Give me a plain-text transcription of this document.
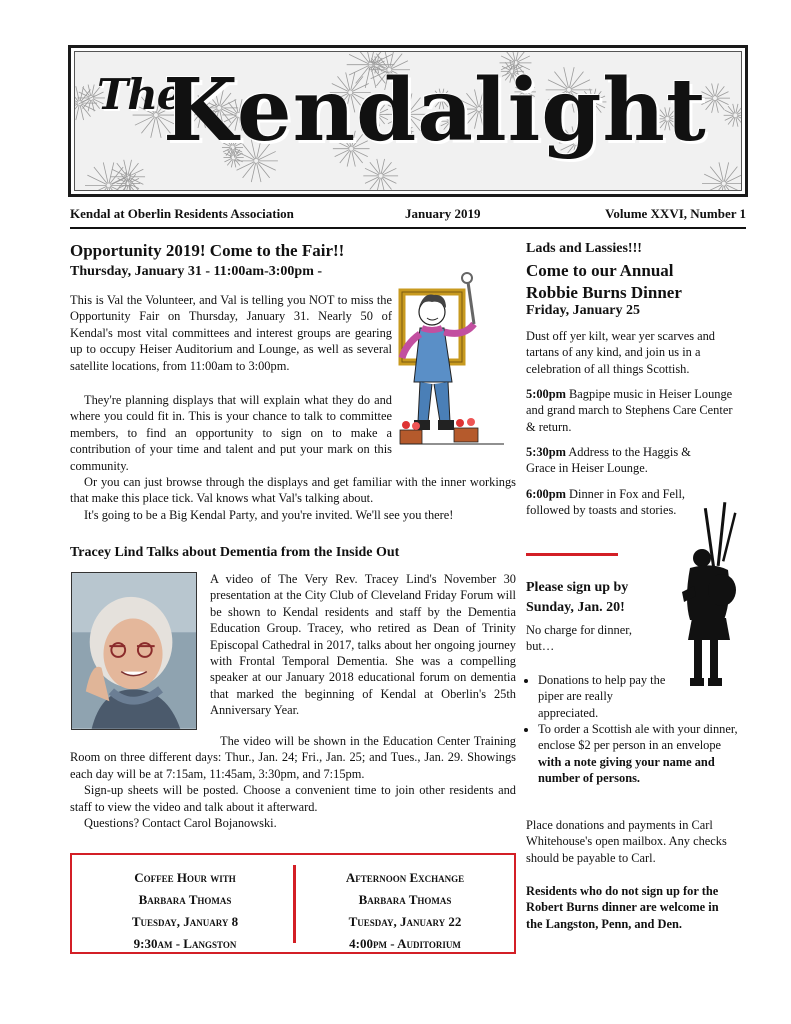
The
Kendalight
Kendal at Oberlin Residents Association	January 2019	Volume XXVI, Number 1
Opportunity 2019! Come to the Fair!!
Thursday, January 31 - 11:00am-3:00pm -

This is Val the Volunteer, and Val is telling you NOT to miss the Opportunity Fair on Thursday, January 31. Nearly 50 of Kendal's most vital committees and interest groups are gearing up to occupy Heiser Auditorium and Lounge, as well as several satellite locations, from 11:00am to 3:00pm.

They're planning displays that will explain what they do and where you could fit in. This is your chance to talk to committee members, to find an opportunity to sign on to make a contribution of your time and talent and put your mark on this community.

Or you can just browse through the displays and get familiar with the inner workings that make this place tick. Val knows what Val's talking about.

It's going to be a Big Kendal Party, and you're invited. We'll see you there!

Tracey Lind Talks about Dementia from the Inside Out

A video of The Very Rev. Tracey Lind's November 30 presentation at the City Club of Cleveland Friday Forum will be shown to Kendal residents and staff by the Dementia Education Group. Tracey, who retired as Dean of Trinity Episcopal Cathedral in 2017, talks about her ongoing journey with Frontal Temporal Dementia. She was a compelling speaker at our January 2018 educational forum on dementia that marked the beginning of Kendal at Oberlin's 25th Anniversary Year.

The video will be shown in the Education Center Training Room on three different days: Thur., Jan. 24; Fri., Jan. 25; and Tues., Jan. 29. Showings each day will be at 7:15am, 11:45am, 3:30pm, and 7:15pm.

Sign-up sheets will be posted. Choose a convenient time to join other residents and staff to view the video and talk about it afterward.

Questions? Contact Carol Bojanowski.

Coffee Hour with
Barbara Thomas
Tuesday, January 8
9:30am - Langston
Afternoon Exchange
Barbara Thomas
Tuesday, January 22
4:00pm - Auditorium
Lads and Lassies!!!
Come to our Annual
Robbie Burns Dinner
Friday, January 25
Dust off yer kilt, wear yer scarves and tartans of any kind, and join us in a celebration of all things Scottish.
5:00pm Bagpipe music in Heiser Lounge and grand march to Stephens Care Center & return.
5:30pm Address to the Haggis & Grace in Heiser Lounge.
6:00pm Dinner in Fox and Fell, followed by toasts and stories.
Please sign up by
Sunday, Jan. 20!
No charge for dinner, but…
• Donations to help pay the piper are really appreciated.
• To order a Scottish ale with your dinner, enclose $2 per person in an envelope with a note giving your name and number of persons.
Place donations and payments in Carl Whitehouse's open mailbox. Any checks should be payable to Carl.
Residents who do not sign up for the Robert Burns dinner are welcome in the Langston, Penn, and Den.
